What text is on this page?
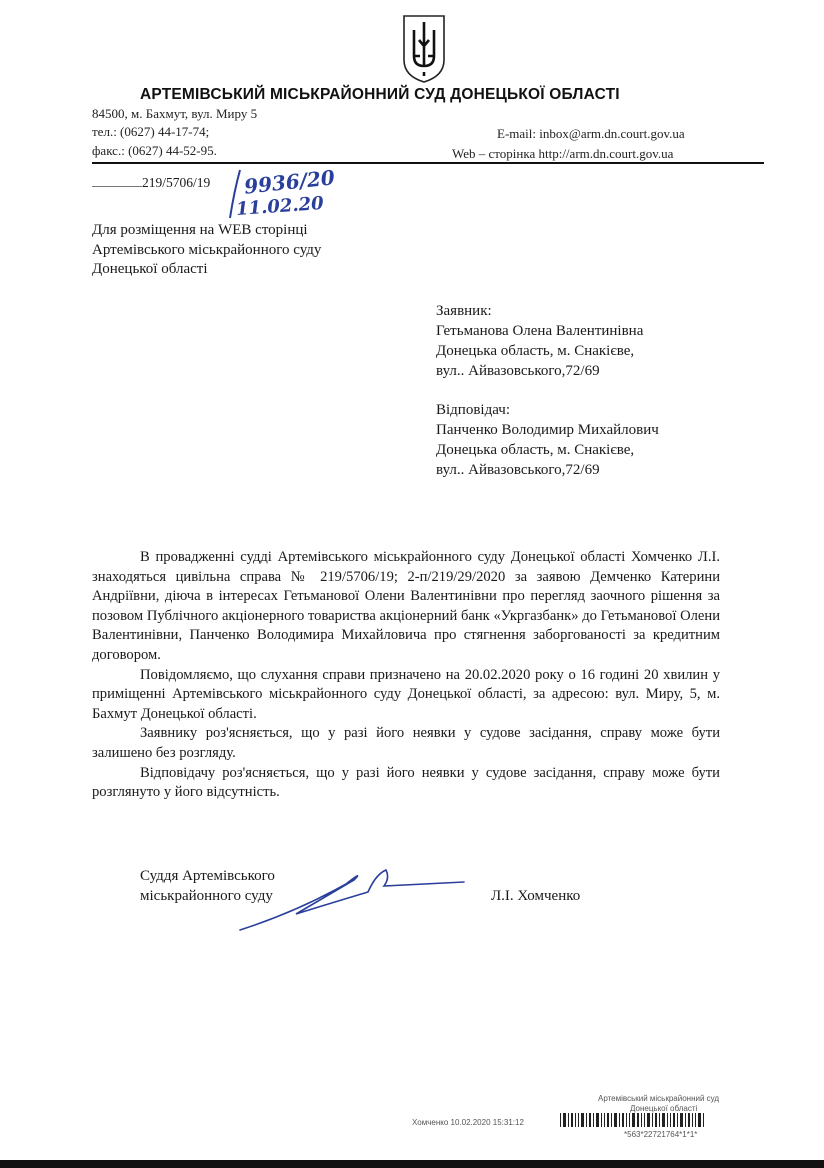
АРТЕМІВСЬКИЙ МІСЬКРАЙОННИЙ СУД ДОНЕЦЬКОЇ ОБЛАСТІ
84500, м. Бахмут, вул. Миру 5
тел.: (0627) 44-17-74;
факс.: (0627) 44-52-95.
E-mail: inbox@arm.dn.court.gov.ua
Web – сторінка http://arm.dn.court.gov.ua
219/5706/19 9936/20
11.02.20
Для розміщення на WEB сторінці
Артемівського міськрайонного суду
Донецької області
Заявник:
Гетьманова Олена Валентинівна
Донецька область, м. Снакієве,
вул.. Айвазовського,72/69
Відповідач:
Панченко Володимир Михайлович
Донецька область, м. Снакієве,
вул.. Айвазовського,72/69

В провадженні судді Артемівського міськрайонного суду Донецької області Хомченко Л.І. знаходяться цивільна справа № 219/5706/19; 2-п/219/29/2020 за заявою Демченко Катерини Андріївни, діюча в інтересах Гетьманової Олени Валентинівни про перегляд заочного рішення за позовом Публічного акціонерного товариства акціонерний банк «Укргазбанк» до Гетьманової Олени Валентинівни, Панченко Володимира Михайловича про стягнення заборгованості за кредитним договором.

Повідомляємо, що слухання справи призначено на 20.02.2020 року о 16 годині 20 хвилин у приміщенні Артемівського міськрайонного суду Донецької області, за адресою: вул. Миру, 5, м. Бахмут Донецької області.

Заявнику роз'ясняється, що у разі його неявки у судове засідання, справу може бути залишено без розгляду.

Відповідачу роз'ясняється, що у разі його неявки у судове засідання, справу може бути розглянуто у його відсутність.

Суддя Артемівського
міськрайонного суду	Л.І. Хомченко
Артемівський міськрайонний суд
Донецької області
Хомченко 10.02.2020 15:31:12
*563*22721764*1*1*
